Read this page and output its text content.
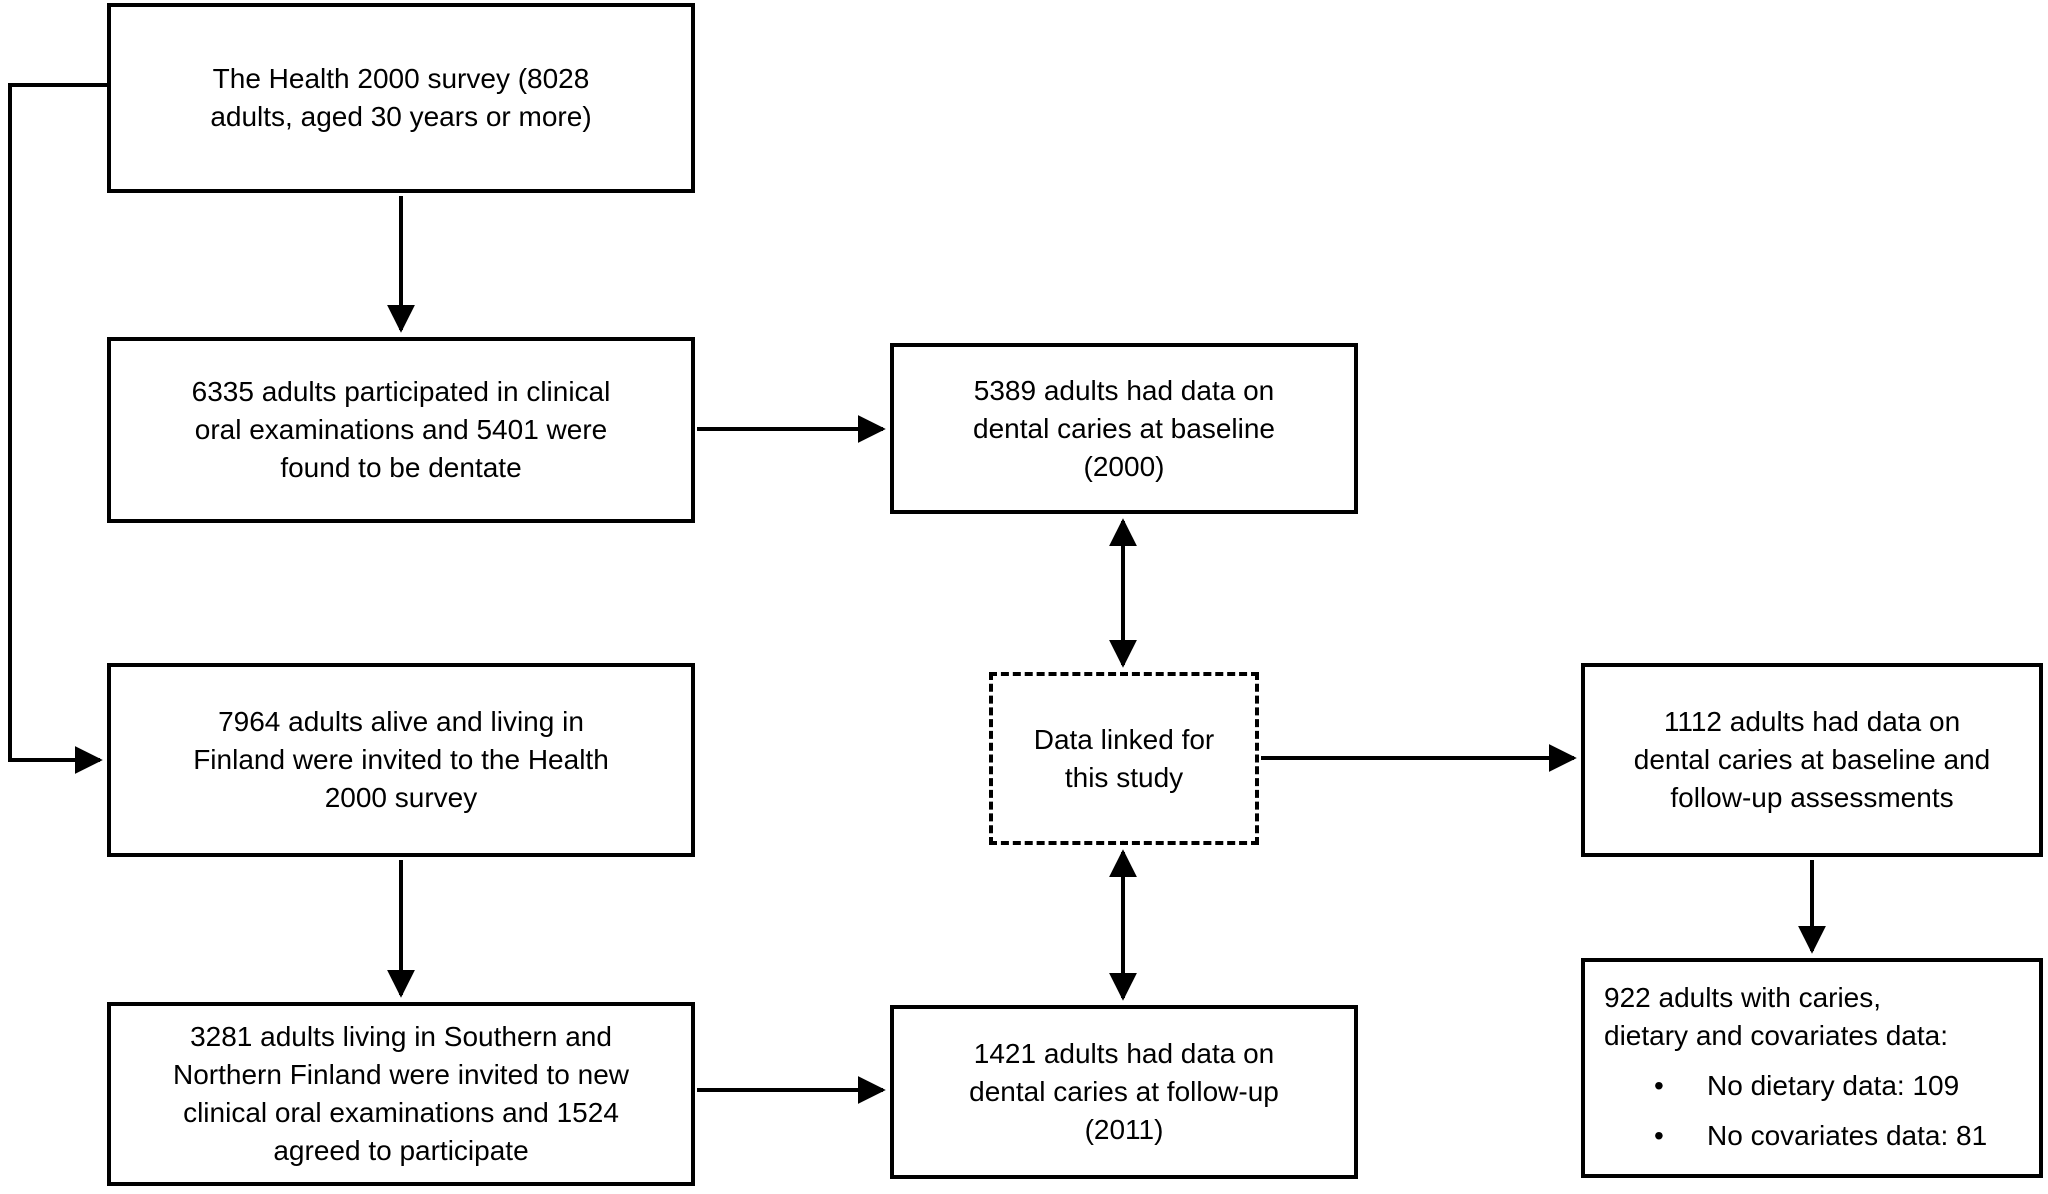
The Health 2000 survey (8028
adults, aged 30 years or more)
6335 adults participated in clinical
oral examinations and 5401 were
found to be dentate
5389 adults had data on
dental caries at baseline
(2000)
7964 adults alive and living in
Finland were invited to the Health
2000 survey
Data linked for
this study
1112 adults had data on
dental caries at baseline and
follow-up assessments
3281 adults living in Southern and
Northern Finland were invited to new
clinical oral examinations and 1524
agreed to participate
1421 adults had data on
dental caries at follow-up
(2011)
922 adults with caries,
dietary and covariates data:
•	No dietary data: 109
•	No covariates data: 81
